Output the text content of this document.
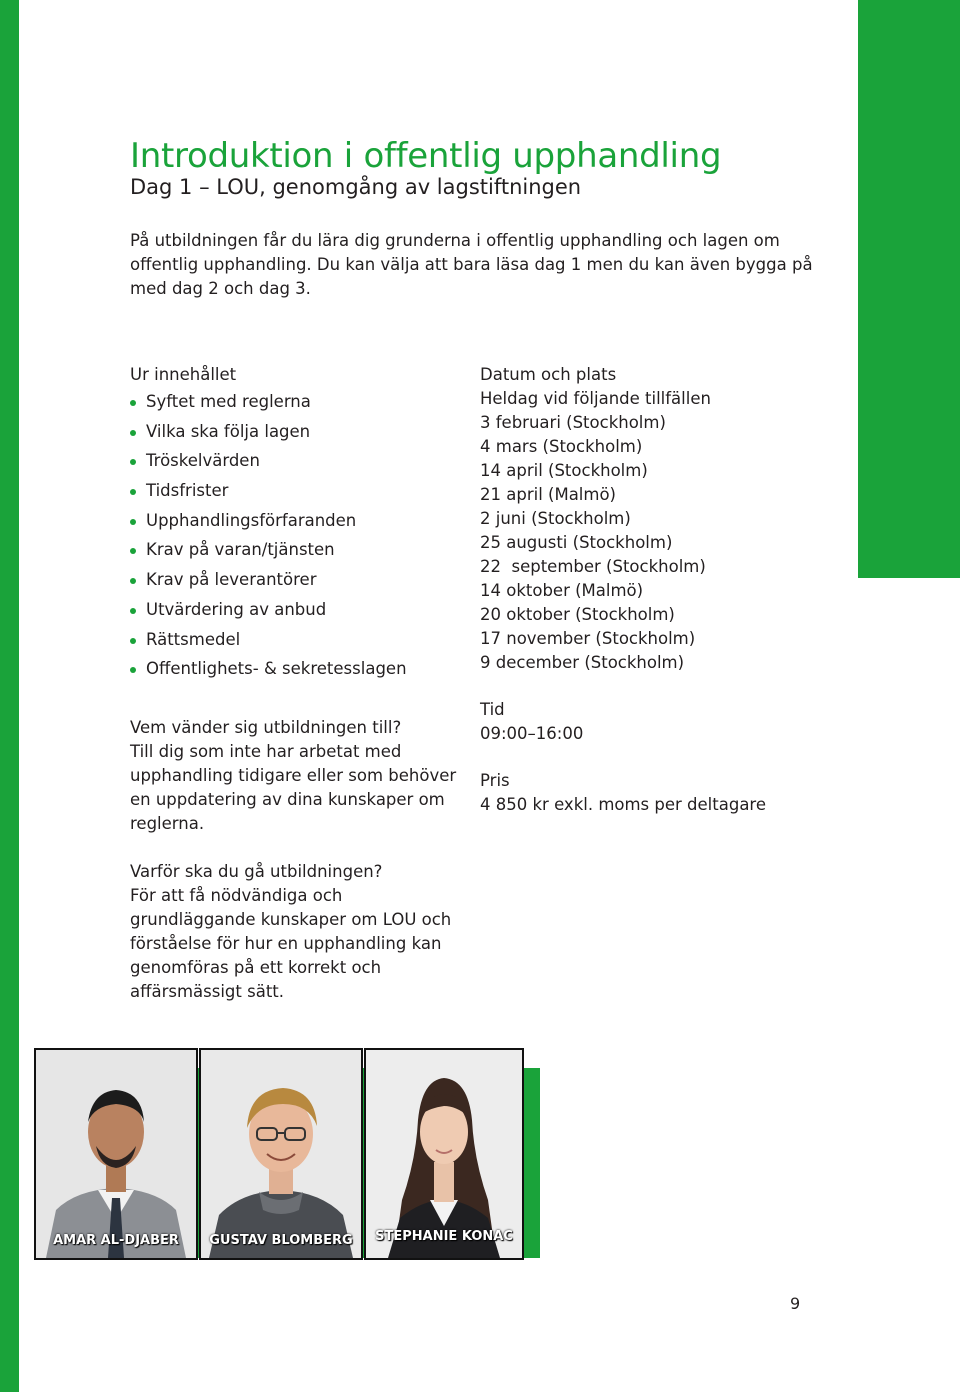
Introduktion i offentlig upphandling
Dag 1 – LOU, genomgång av lagstiftningen
På utbildningen får du lära dig grunderna i offentlig upphandling och lagen om offentlig upphandling. Du kan välja att bara läsa dag 1 men du kan även bygga på med dag 2 och dag 3.
Ur innehållet
Syftet med reglerna
Vilka ska följa lagen
Tröskelvärden
Tidsfrister
Upphandlingsförfaranden
Krav på varan/tjänsten
Krav på leverantörer
Utvärdering av anbud
Rättsmedel
Offentlighets- & sekretesslagen
Vem vänder sig utbildningen till?
Till dig som inte har arbetat med upphandling tidigare eller som behöver en uppdatering av dina kunskaper om reglerna.
Varför ska du gå utbildningen?
För att få nödvändiga och grundläggande kunskaper om LOU och förståelse för hur en upphandling kan genomföras på ett korrekt och affärsmässigt sätt.
Datum och plats
Heldag vid följande tillfällen
3 februari (Stockholm)
4 mars (Stockholm)
14 april (Stockholm)
21 april (Malmö)
2 juni (Stockholm)
25 augusti (Stockholm)
22  september (Stockholm)
14 oktober (Malmö)
20 oktober (Stockholm)
17 november (Stockholm)
9 december (Stockholm)
Tid
09:00–16:00
Pris
4 850 kr exkl. moms per deltagare
AMAR AL-DJABER	GUSTAV BLOMBERG	STEPHANIE KONAC
9
